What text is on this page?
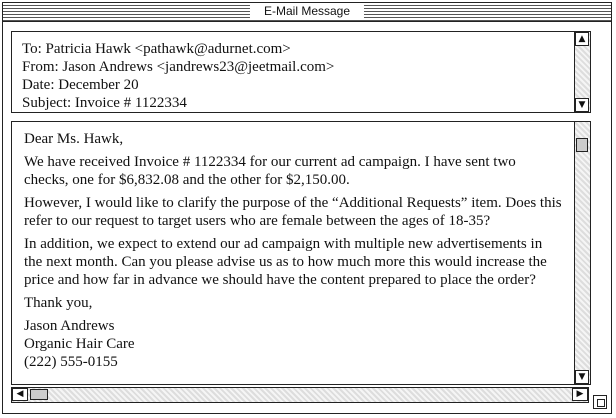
E-Mail Message
To: Patricia Hawk <pathawk@adurnet.com>
From: Jason Andrews <jandrews23@jeetmail.com>
Date: December 20
Subject: Invoice # 1122334
▲
▼

Dear Ms. Hawk,

We have received Invoice # 1122334 for our current ad campaign. I have sent two checks, one for $6,832.08 and the other for $2,150.00.

However, I would like to clarify the purpose of the “Additional Requests” item. Does this refer to our request to target users who are female between the ages of 18-35?

In addition, we expect to extend our ad campaign with multiple new advertisements in the next month. Can you please advise us as to how much more this would increase the price and how far in advance we should have the content prepared to place the order?

Thank you,

Jason Andrews
Organic Hair Care
(222) 555-0155
▼
◀	▶
